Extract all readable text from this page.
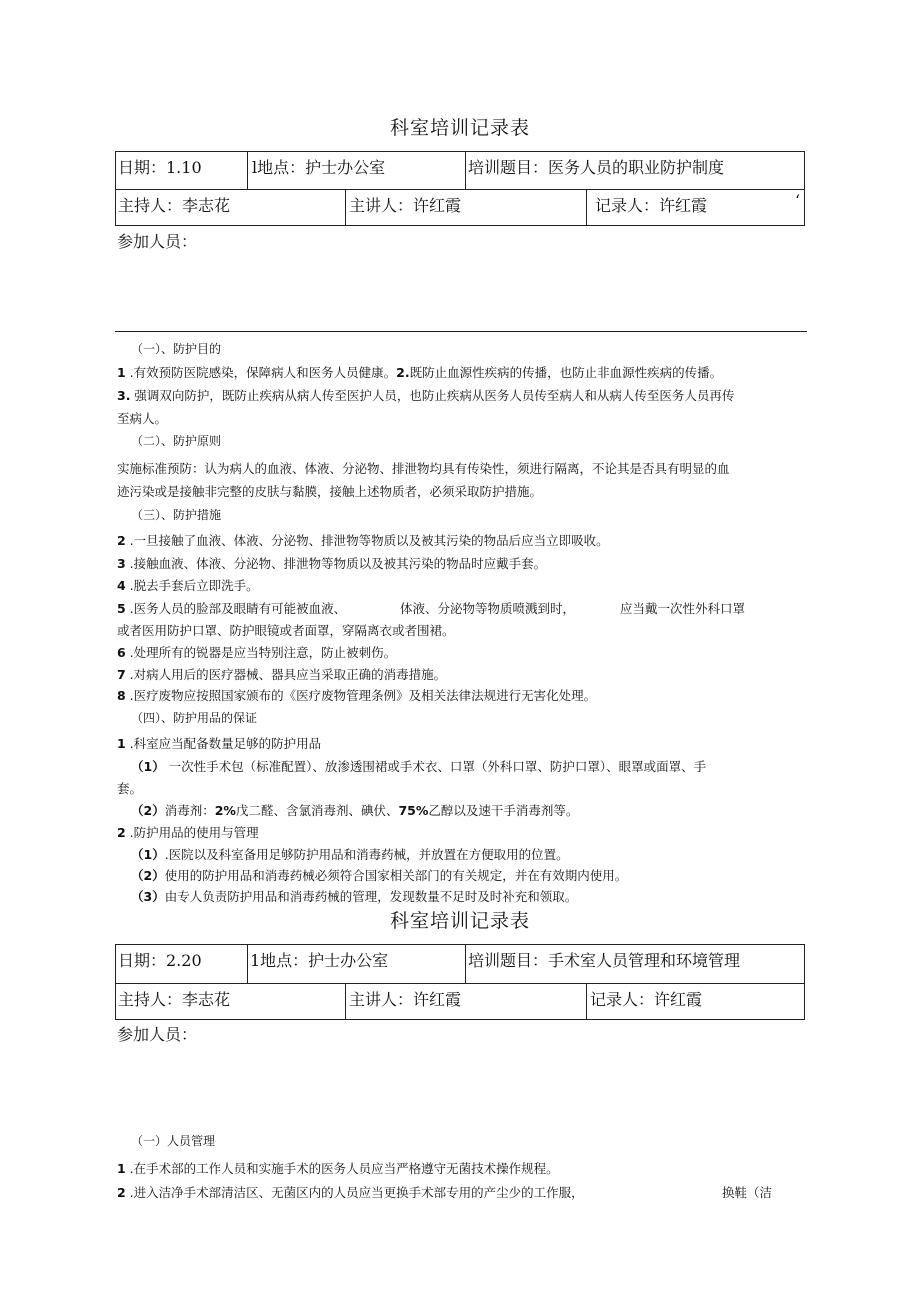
科室培训记录表
日期：1.10	l地点：护士办公室	培训题目：医务人员的职业防护制度
主持人：李志花	主讲人：许红霞	记录人：许红霞	‘
参加人员：
（一）、防护目的
1 .有效预防医院感染，保障病人和医务人员健康。2.既防止血源性疾病的传播，也防止非血源性疾病的传播。
3. 强调双向防护，既防止疾病从病人传至医护人员，也防止疾病从医务人员传至病人和从病人传至医务人员再传
至病人。
（二）、防护原则
实施标准预防：认为病人的血液、体液、分泌物、排泄物均具有传染性，须进行隔离，不论其是否具有明显的血
迹污染或是接触非完整的皮肤与黏膜，接触上述物质者，必须采取防护措施。
（三）、防护措施
2 .一旦接触了血液、体液、分泌物、排泄物等物质以及被其污染的物品后应当立即吸收。
3 .接触血液、体液、分泌物、排泄物等物质以及被其污染的物品时应戴手套。
4 .脱去手套后立即洗手。
5 .医务人员的脸部及眼睛有可能被血液、	体液、分泌物等物质喷溅到时，	应当戴一次性外科口罩
或者医用防护口罩、防护眼镜或者面罩，穿隔离衣或者围裙。
6 .处理所有的锐器是应当特别注意，防止被刺伤。
7 .对病人用后的医疗器械、器具应当采取正确的消毒措施。
8 .医疗废物应按照国家颁布的《医疗废物管理条例》及相关法律法规进行无害化处理。
（四）、防护用品的保证
1 .科室应当配备数量足够的防护用品
（1） 一次性手术包（标准配置）、放渗透围裙或手术衣、口罩（外科口罩、防护口罩）、眼罩或面罩、手
套。
（2）消毒剂：2%戊二醛、含氯消毒剂、碘伏、75%乙醇以及速干手消毒剂等。
2 .防护用品的使用与管理
（1）.医院以及科室备用足够防护用品和消毒药械，并放置在方便取用的位置。
（2）使用的防护用品和消毒药械必须符合国家相关部门的有关规定，并在有效期内使用。
（3）由专人负责防护用品和消毒药械的管理，发现数量不足时及时补充和领取。
科室培训记录表
日期：2.20	1地点：护士办公室	培训题目：手术室人员管理和环境管理
主持人：李志花	主讲人：许红霞	记录人：许红霞
参加人员：
（一）人员管理
1 .在手术部的工作人员和实施手术的医务人员应当严格遵守无菌技术操作规程。
2 .进入洁净手术部清洁区、无菌区内的人员应当更换手术部专用的产尘少的工作服，	换鞋（洁
